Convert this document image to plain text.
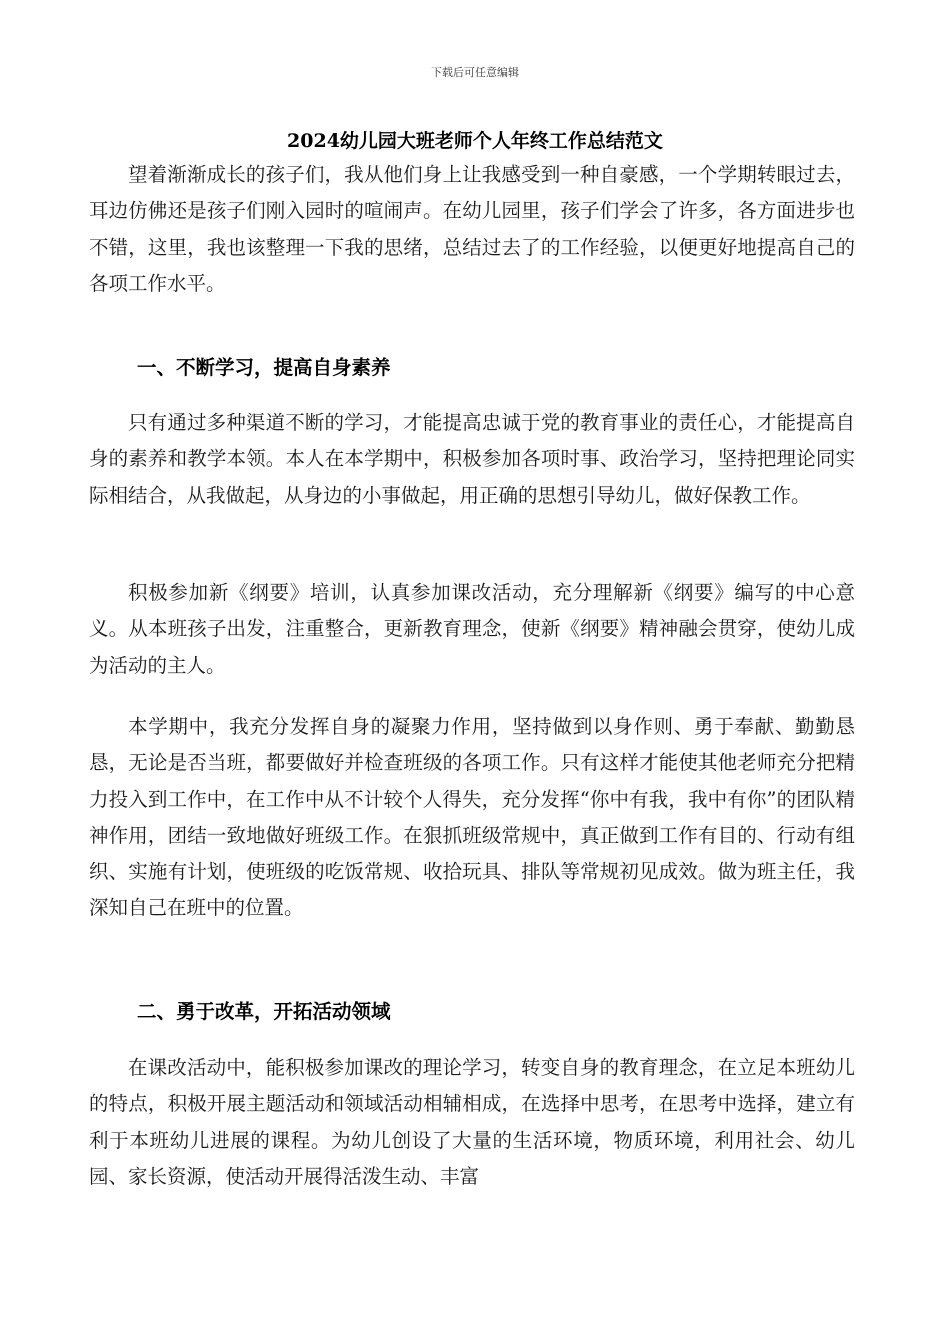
下载后可任意编辑
2024幼儿园大班老师个人年终工作总结范文

望着渐渐成长的孩子们，我从他们身上让我感受到一种自豪感，一个学期转眼过去，耳边仿佛还是孩子们刚入园时的喧闹声。在幼儿园里，孩子们学会了许多，各方面进步也不错，这里，我也该整理一下我的思绪，总结过去了的工作经验，以便更好地提高自己的各项工作水平。

一、不断学习，提高自身素养

只有通过多种渠道不断的学习，才能提高忠诚于党的教育事业的责任心，才能提高自身的素养和教学本领。本人在本学期中，积极参加各项时事、政治学习，坚持把理论同实际相结合，从我做起，从身边的小事做起，用正确的思想引导幼儿，做好保教工作。

积极参加新《纲要》培训，认真参加课改活动，充分理解新《纲要》编写的中心意义。从本班孩子出发，注重整合，更新教育理念，使新《纲要》精神融会贯穿，使幼儿成为活动的主人。

本学期中，我充分发挥自身的凝聚力作用，坚持做到以身作则、勇于奉献、勤勤恳恳，无论是否当班，都要做好并检查班级的各项工作。只有这样才能使其他老师充分把精力投入到工作中，在工作中从不计较个人得失，充分发挥“你中有我，我中有你”的团队精神作用，团结一致地做好班级工作。在狠抓班级常规中，真正做到工作有目的、行动有组织、实施有计划，使班级的吃饭常规、收拾玩具、排队等常规初见成效。做为班主任，我深知自己在班中的位置。

二、勇于改革，开拓活动领域

在课改活动中，能积极参加课改的理论学习，转变自身的教育理念，在立足本班幼儿的特点，积极开展主题活动和领域活动相辅相成，在选择中思考，在思考中选择，建立有利于本班幼儿进展的课程。为幼儿创设了大量的生活环境，物质环境，利用社会、幼儿园、家长资源，使活动开展得活泼生动、丰富
